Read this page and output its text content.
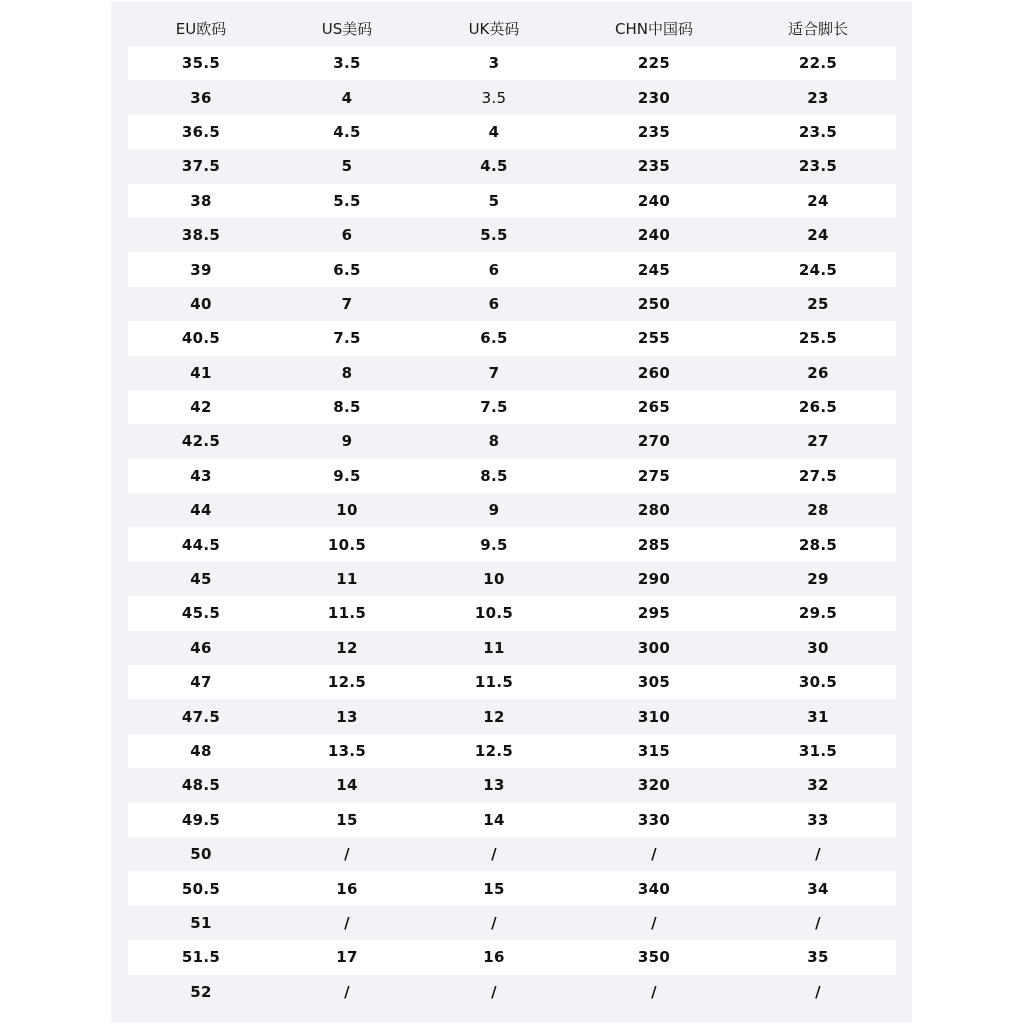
EU欧码	US美码	UK英码	CHN中国码	适合脚长
35.5	3.5	3	225	22.5
36	4	3.5	230	23
36.5	4.5	4	235	23.5
37.5	5	4.5	235	23.5
38	5.5	5	240	24
38.5	6	5.5	240	24
39	6.5	6	245	24.5
40	7	6	250	25
40.5	7.5	6.5	255	25.5
41	8	7	260	26
42	8.5	7.5	265	26.5
42.5	9	8	270	27
43	9.5	8.5	275	27.5
44	10	9	280	28
44.5	10.5	9.5	285	28.5
45	11	10	290	29
45.5	11.5	10.5	295	29.5
46	12	11	300	30
47	12.5	11.5	305	30.5
47.5	13	12	310	31
48	13.5	12.5	315	31.5
48.5	14	13	320	32
49.5	15	14	330	33
50	/	/	/	/
50.5	16	15	340	34
51	/	/	/	/
51.5	17	16	350	35
52	/	/	/	/
